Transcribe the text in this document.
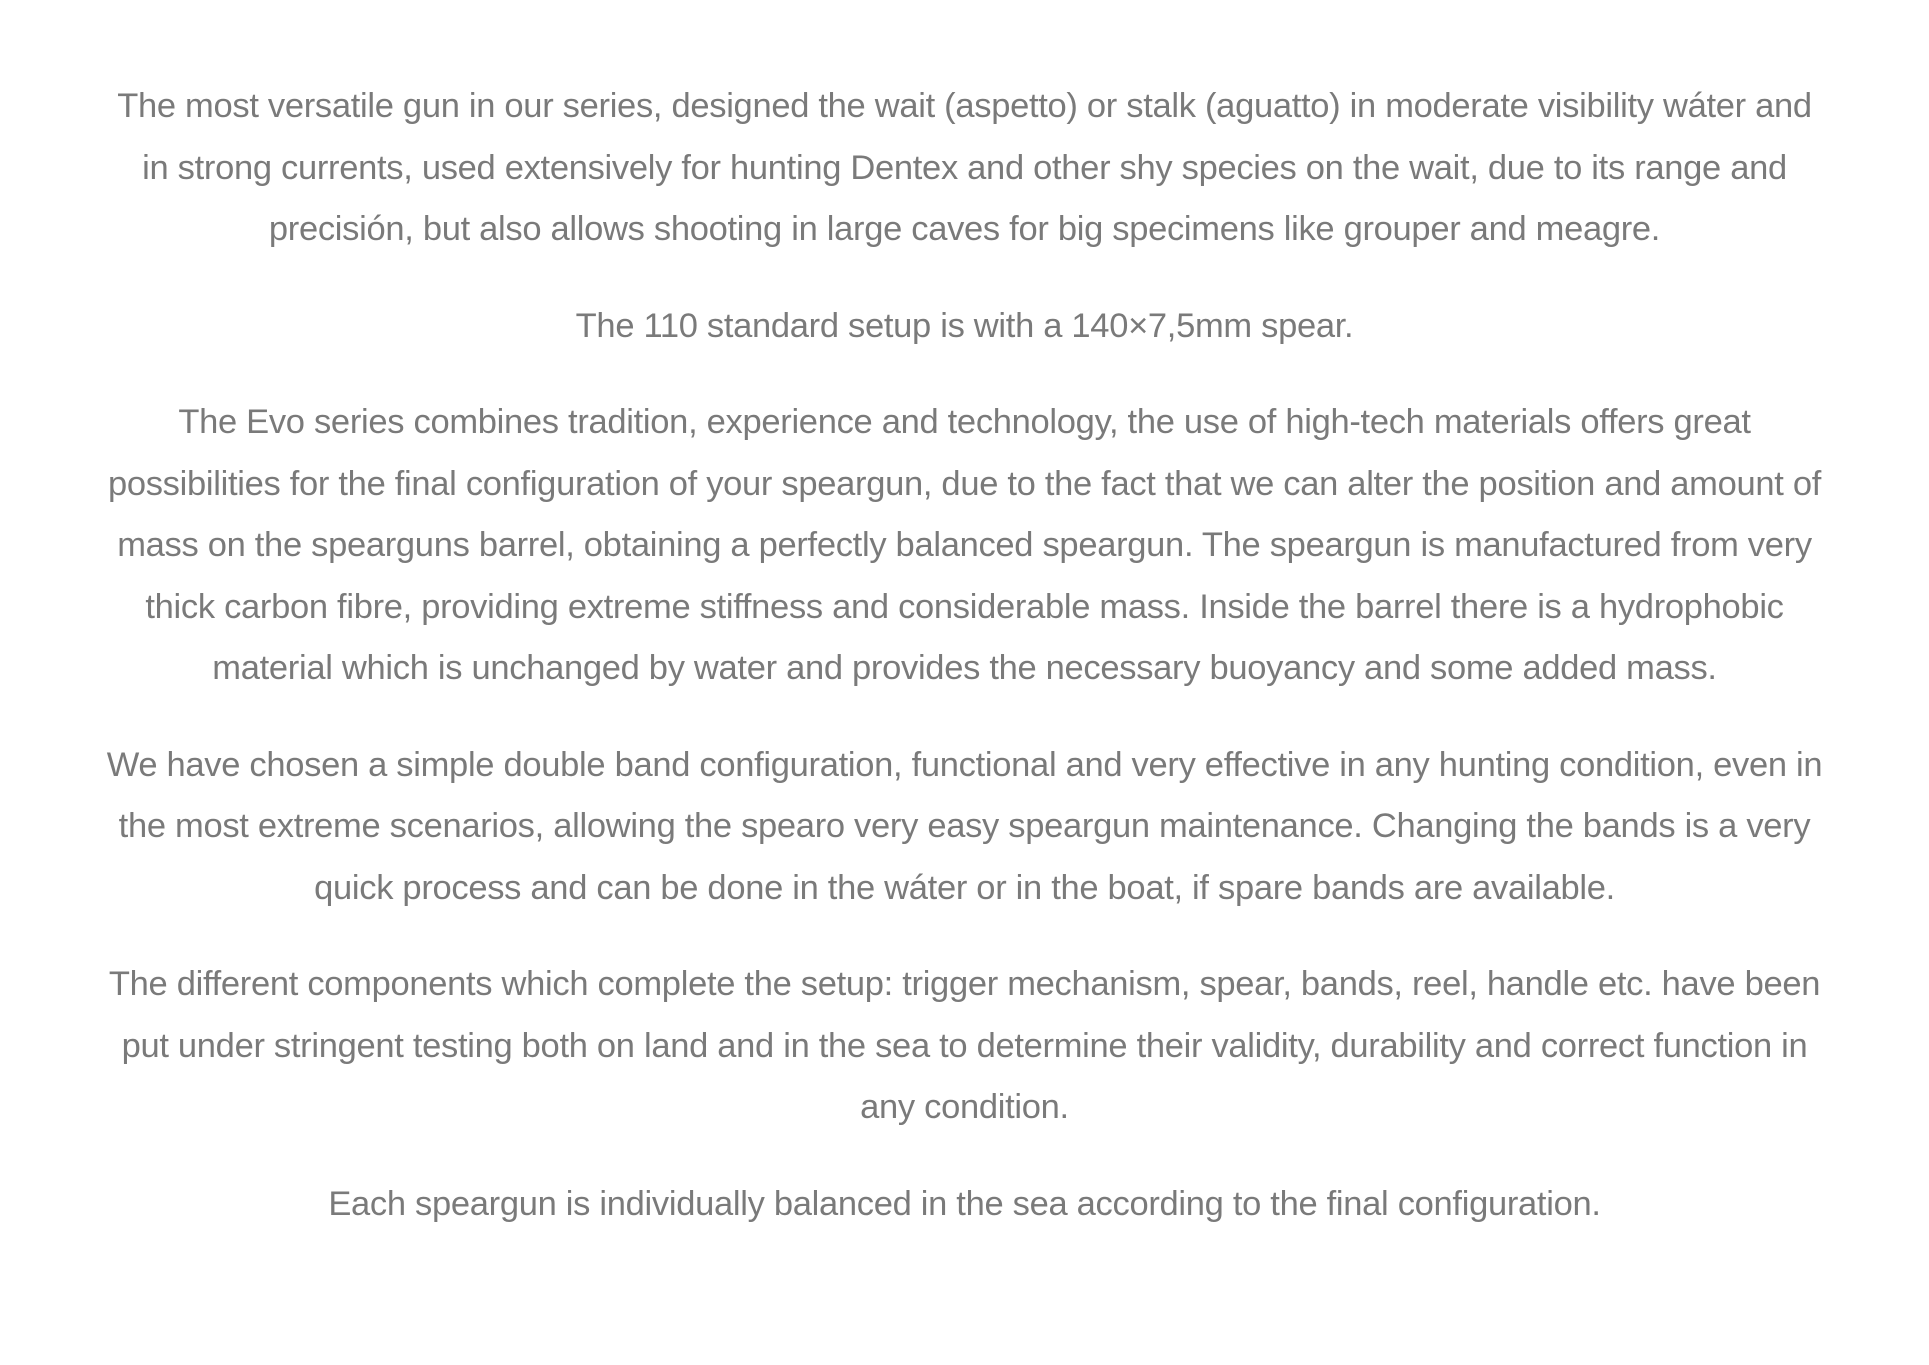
The most versatile gun in our series, designed the wait (aspetto) or stalk (aguatto) in moderate visibility wáter and in strong currents, used extensively for hunting Dentex and other shy species on the wait, due to its range and precisión, but also allows shooting in large caves for big specimens like grouper and meagre.

The 110 standard setup is with a 140×7,5mm spear.

The Evo series combines tradition, experience and technology, the use of high-tech materials offers great possibilities for the final configuration of your speargun, due to the fact that we can alter the position and amount of mass on the spearguns barrel, obtaining a perfectly balanced speargun. The speargun is manufactured from very thick carbon fibre, providing extreme stiffness and considerable mass. Inside the barrel there is a hydrophobic material which is unchanged by water and provides the necessary buoyancy and some added mass.

We have chosen a simple double band configuration, functional and very effective in any hunting condition, even in the most extreme scenarios, allowing the spearo very easy speargun maintenance. Changing the bands is a very quick process and can be done in the wáter or in the boat, if spare bands are available.

The different components which complete the setup: trigger mechanism, spear, bands, reel, handle etc. have been put under stringent testing both on land and in the sea to determine their validity, durability and correct function in any condition.

Each speargun is individually balanced in the sea according to the final configuration.
